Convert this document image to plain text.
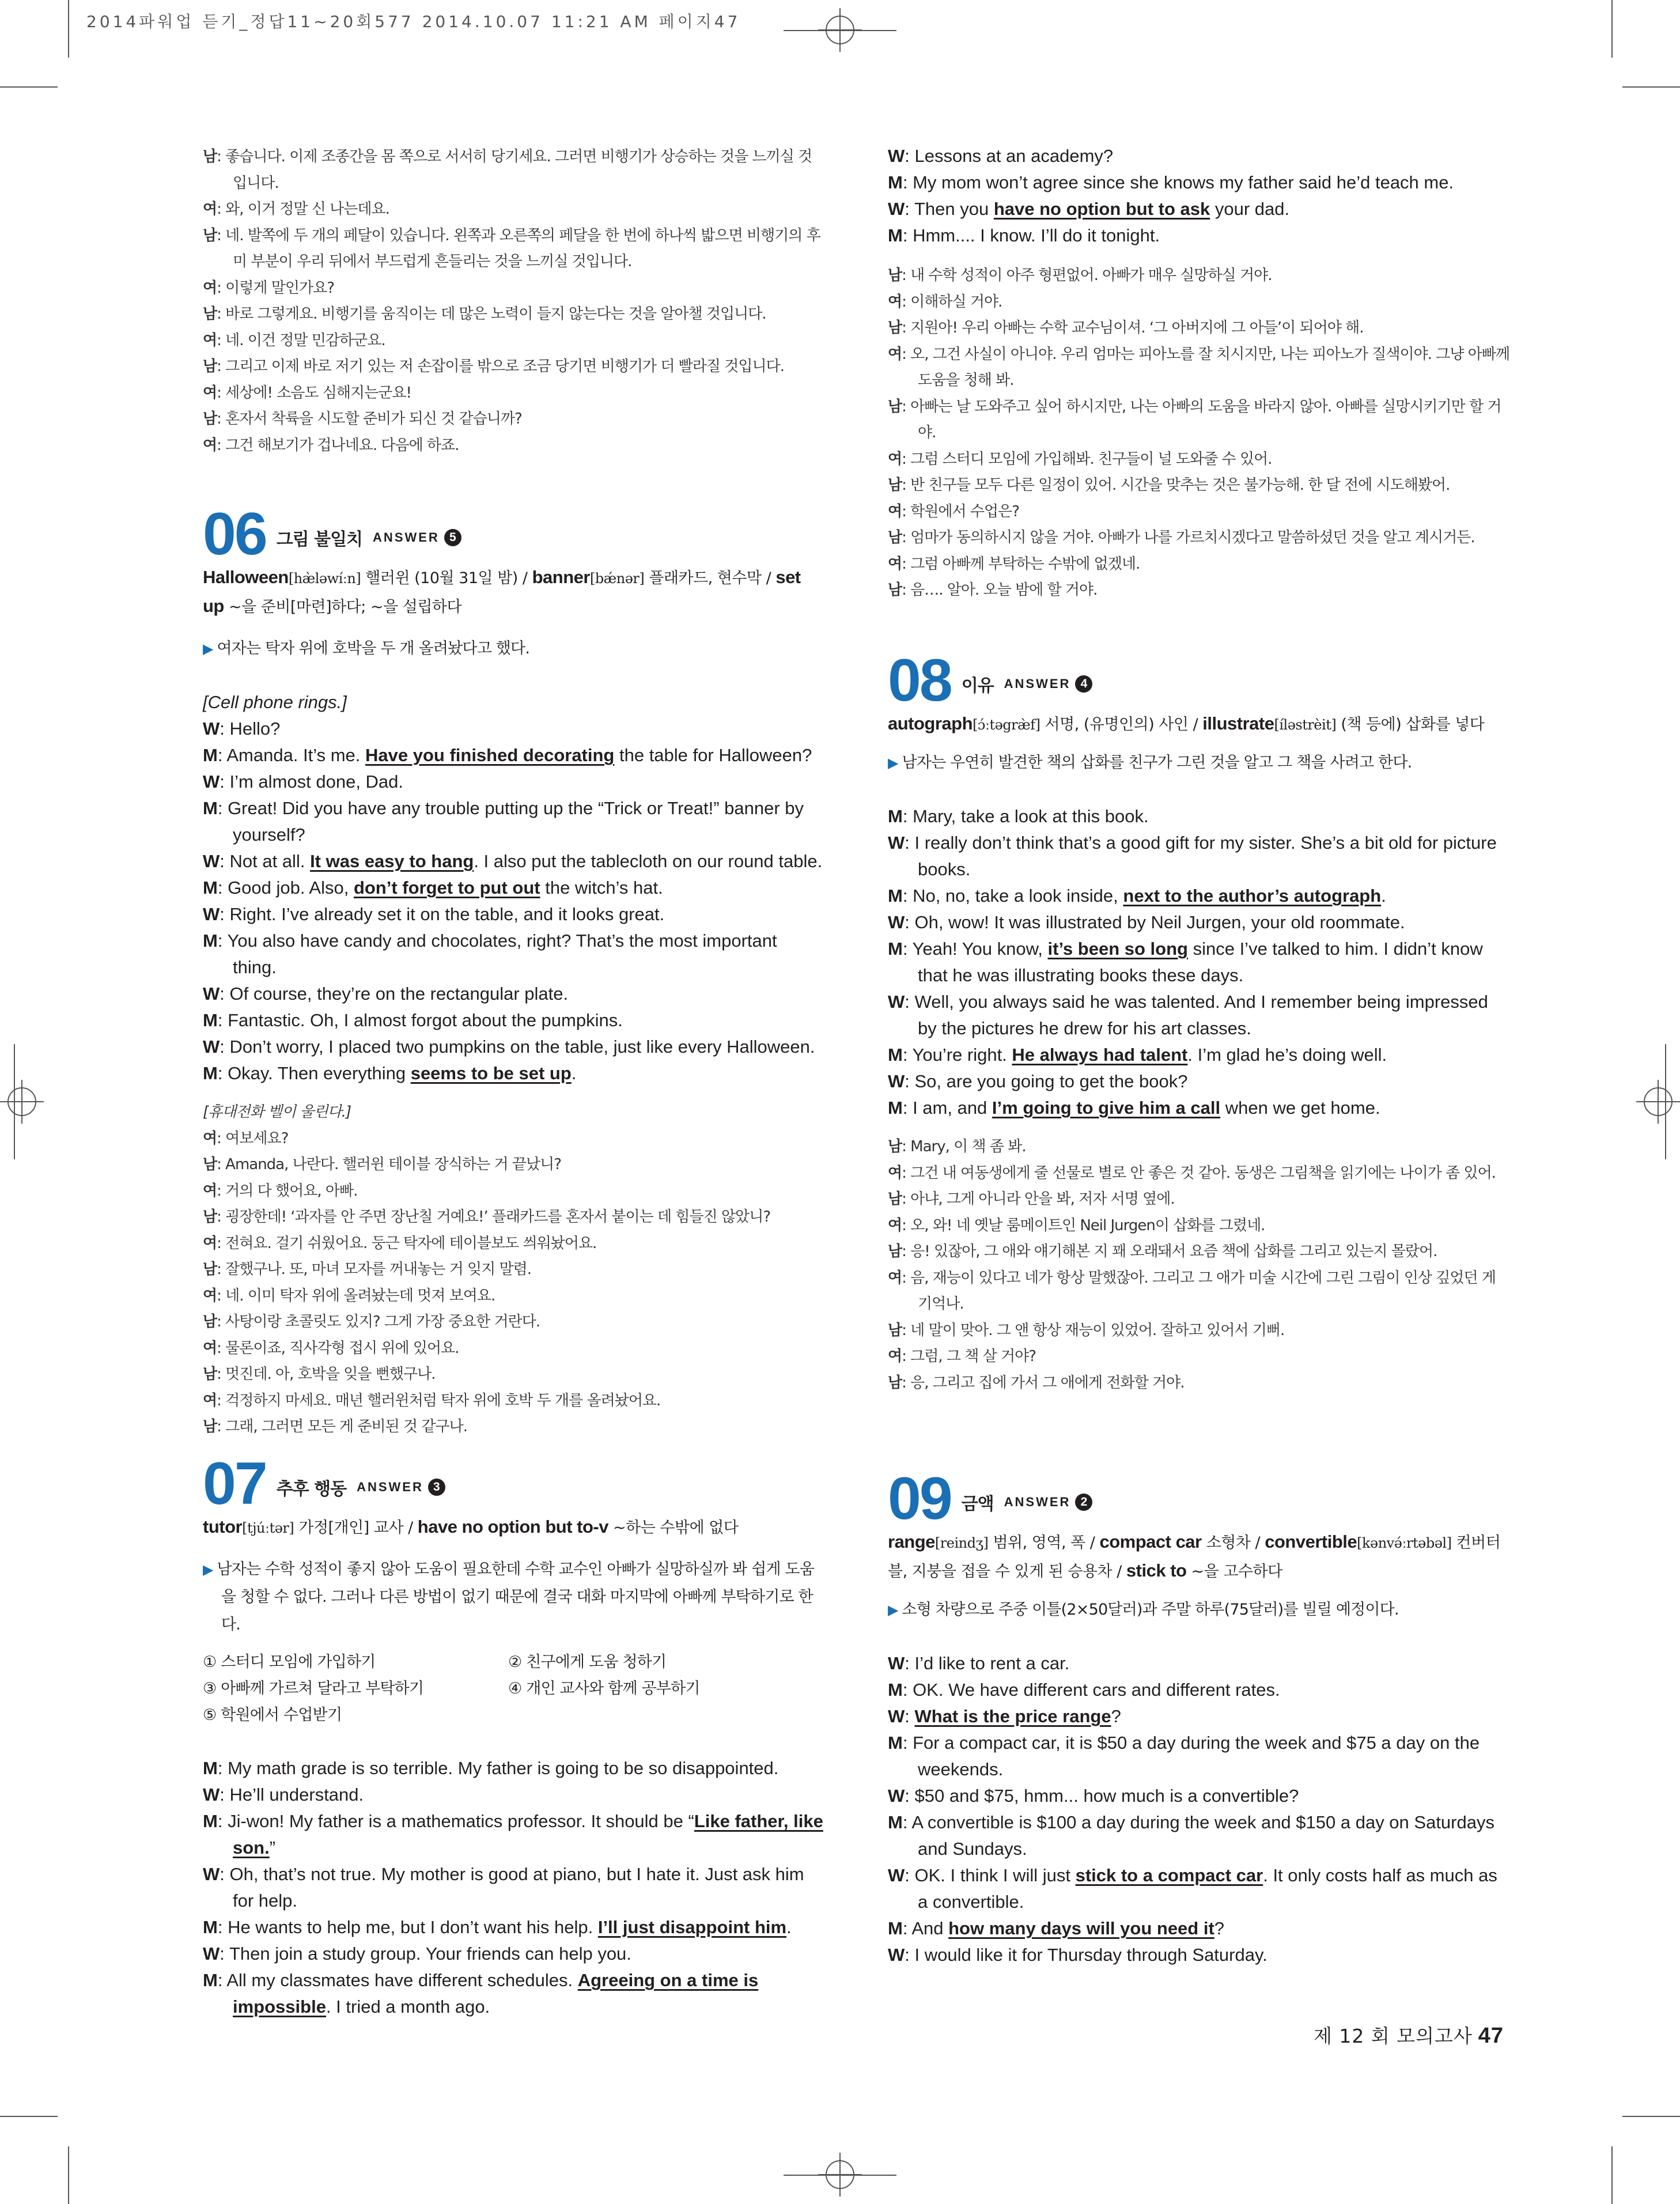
2014파워업 듣기_정답11~20회577 2014.10.07 11:21 AM 페이지47
남: 좋습니다. 이제 조종간을 몸 쪽으로 서서히 당기세요. 그러면 비행기가 상승하는 것을 느끼실 것입니다.
여: 와, 이거 정말 신 나는데요.
남: 네. 발쪽에 두 개의 페달이 있습니다. 왼쪽과 오른쪽의 페달을 한 번에 하나씩 밟으면 비행기의 후미 부분이 우리 뒤에서 부드럽게 흔들리는 것을 느끼실 것입니다.
여: 이렇게 말인가요?
남: 바로 그렇게요. 비행기를 움직이는 데 많은 노력이 들지 않는다는 것을 알아챌 것입니다.
여: 네. 이건 정말 민감하군요.
남: 그리고 이제 바로 저기 있는 저 손잡이를 밖으로 조금 당기면 비행기가 더 빨라질 것입니다.
여: 세상에! 소음도 심해지는군요!
남: 혼자서 착륙을 시도할 준비가 되신 것 같습니까?
여: 그건 해보기가 겁나네요. 다음에 하죠.
06 그림 불일치 ANSWER 5
Halloween[hæ̀ləwíːn] 핼러윈 (10월 31일 밤) / banner[bǽnər] 플래카드, 현수막 / set up ~을 준비[마련]하다; ~을 설립하다
▶ 여자는 탁자 위에 호박을 두 개 올려놨다고 했다.
[Cell phone rings.]
W: Hello?
M: Amanda. It’s me. Have you finished decorating the table for Halloween?
W: I’m almost done, Dad.
M: Great! Did you have any trouble putting up the “Trick or Treat!” banner by yourself?
W: Not at all. It was easy to hang. I also put the tablecloth on our round table.
M: Good job. Also, don’t forget to put out the witch’s hat.
W: Right. I’ve already set it on the table, and it looks great.
M: You also have candy and chocolates, right? That’s the most important thing.
W: Of course, they’re on the rectangular plate.
M: Fantastic. Oh, I almost forgot about the pumpkins.
W: Don’t worry, I placed two pumpkins on the table, just like every Halloween.
M: Okay. Then everything seems to be set up.
[휴대전화 벨이 울린다.]
여: 여보세요?
남: Amanda, 나란다. 핼러윈 테이블 장식하는 거 끝났니?
여: 거의 다 했어요, 아빠.
남: 굉장한데! ‘과자를 안 주면 장난칠 거예요!’ 플래카드를 혼자서 붙이는 데 힘들진 않았니?
여: 전혀요. 걸기 쉬웠어요. 둥근 탁자에 테이블보도 씌워놨어요.
남: 잘했구나. 또, 마녀 모자를 꺼내놓는 거 잊지 말렴.
여: 네. 이미 탁자 위에 올려놨는데 멋져 보여요.
남: 사탕이랑 초콜릿도 있지? 그게 가장 중요한 거란다.
여: 물론이죠, 직사각형 접시 위에 있어요.
남: 멋진데. 아, 호박을 잊을 뻔했구나.
여: 걱정하지 마세요. 매년 핼러윈처럼 탁자 위에 호박 두 개를 올려놨어요.
남: 그래, 그러면 모든 게 준비된 것 같구나.
07 추후 행동 ANSWER 3
tutor[tjúːtər] 가정[개인] 교사 / have no option but to-v ~하는 수밖에 없다
▶ 남자는 수학 성적이 좋지 않아 도움이 필요한데 수학 교수인 아빠가 실망하실까 봐 쉽게 도움을 청할 수 없다. 그러나 다른 방법이 없기 때문에 결국 대화 마지막에 아빠께 부탁하기로 한다.
① 스터디 모임에 가입하기	② 친구에게 도움 청하기
③ 아빠께 가르쳐 달라고 부탁하기	④ 개인 교사와 함께 공부하기
⑤ 학원에서 수업받기
M: My math grade is so terrible. My father is going to be so disappointed.
W: He’ll understand.
M: Ji-won! My father is a mathematics professor. It should be “Like father, like son.”
W: Oh, that’s not true. My mother is good at piano, but I hate it. Just ask him for help.
M: He wants to help me, but I don’t want his help. I’ll just disappoint him.
W: Then join a study group. Your friends can help you.
M: All my classmates have different schedules. Agreeing on a time is impossible. I tried a month ago.
W: Lessons at an academy?
M: My mom won’t agree since she knows my father said he’d teach me.
W: Then you have no option but to ask your dad.
M: Hmm.... I know. I’ll do it tonight.
남: 내 수학 성적이 아주 형편없어. 아빠가 매우 실망하실 거야.
여: 이해하실 거야.
남: 지원아! 우리 아빠는 수학 교수님이셔. ‘그 아버지에 그 아들’이 되어야 해.
여: 오, 그건 사실이 아니야. 우리 엄마는 피아노를 잘 치시지만, 나는 피아노가 질색이야. 그냥 아빠께 도움을 청해 봐.
남: 아빠는 날 도와주고 싶어 하시지만, 나는 아빠의 도움을 바라지 않아. 아빠를 실망시키기만 할 거야.
여: 그럼 스터디 모임에 가입해봐. 친구들이 널 도와줄 수 있어.
남: 반 친구들 모두 다른 일정이 있어. 시간을 맞추는 것은 불가능해. 한 달 전에 시도해봤어.
여: 학원에서 수업은?
남: 엄마가 동의하시지 않을 거야. 아빠가 나를 가르치시겠다고 말씀하셨던 것을 알고 계시거든.
여: 그럼 아빠께 부탁하는 수밖에 없겠네.
남: 음…. 알아. 오늘 밤에 할 거야.
08 이유 ANSWER 4
autograph[ɔ́ːtəgræ̀f] 서명, (유명인의) 사인 / illustrate[íləstrèit] (책 등에) 삽화를 넣다
▶ 남자는 우연히 발견한 책의 삽화를 친구가 그린 것을 알고 그 책을 사려고 한다.
M: Mary, take a look at this book.
W: I really don’t think that’s a good gift for my sister. She’s a bit old for picture books.
M: No, no, take a look inside, next to the author’s autograph.
W: Oh, wow! It was illustrated by Neil Jurgen, your old roommate.
M: Yeah! You know, it’s been so long since I’ve talked to him. I didn’t know that he was illustrating books these days.
W: Well, you always said he was talented. And I remember being impressed by the pictures he drew for his art classes.
M: You’re right. He always had talent. I’m glad he’s doing well.
W: So, are you going to get the book?
M: I am, and I’m going to give him a call when we get home.
남: Mary, 이 책 좀 봐.
여: 그건 내 여동생에게 줄 선물로 별로 안 좋은 것 같아. 동생은 그림책을 읽기에는 나이가 좀 있어.
남: 아냐, 그게 아니라 안을 봐, 저자 서명 옆에.
여: 오, 와! 네 옛날 룸메이트인 Neil Jurgen이 삽화를 그렸네.
남: 응! 있잖아, 그 애와 얘기해본 지 꽤 오래돼서 요즘 책에 삽화를 그리고 있는지 몰랐어.
여: 음, 재능이 있다고 네가 항상 말했잖아. 그리고 그 애가 미술 시간에 그린 그림이 인상 깊었던 게 기억나.
남: 네 말이 맞아. 그 앤 항상 재능이 있었어. 잘하고 있어서 기뻐.
여: 그럼, 그 책 살 거야?
남: 응, 그리고 집에 가서 그 애에게 전화할 거야.
09 금액 ANSWER 2
range[reindʒ] 범위, 영역, 폭 / compact car 소형차 / convertible[kənvə́ːrtəbəl] 컨버터블, 지붕을 접을 수 있게 된 승용차 / stick to ~을 고수하다
▶ 소형 차량으로 주중 이틀(2×50달러)과 주말 하루(75달러)를 빌릴 예정이다.
W: I’d like to rent a car.
M: OK. We have different cars and different rates.
W: What is the price range?
M: For a compact car, it is $50 a day during the week and $75 a day on the weekends.
W: $50 and $75, hmm... how much is a convertible?
M: A convertible is $100 a day during the week and $150 a day on Saturdays and Sundays.
W: OK. I think I will just stick to a compact car. It only costs half as much as a convertible.
M: And how many days will you need it?
W: I would like it for Thursday through Saturday.
제 12 회 모의고사 47
